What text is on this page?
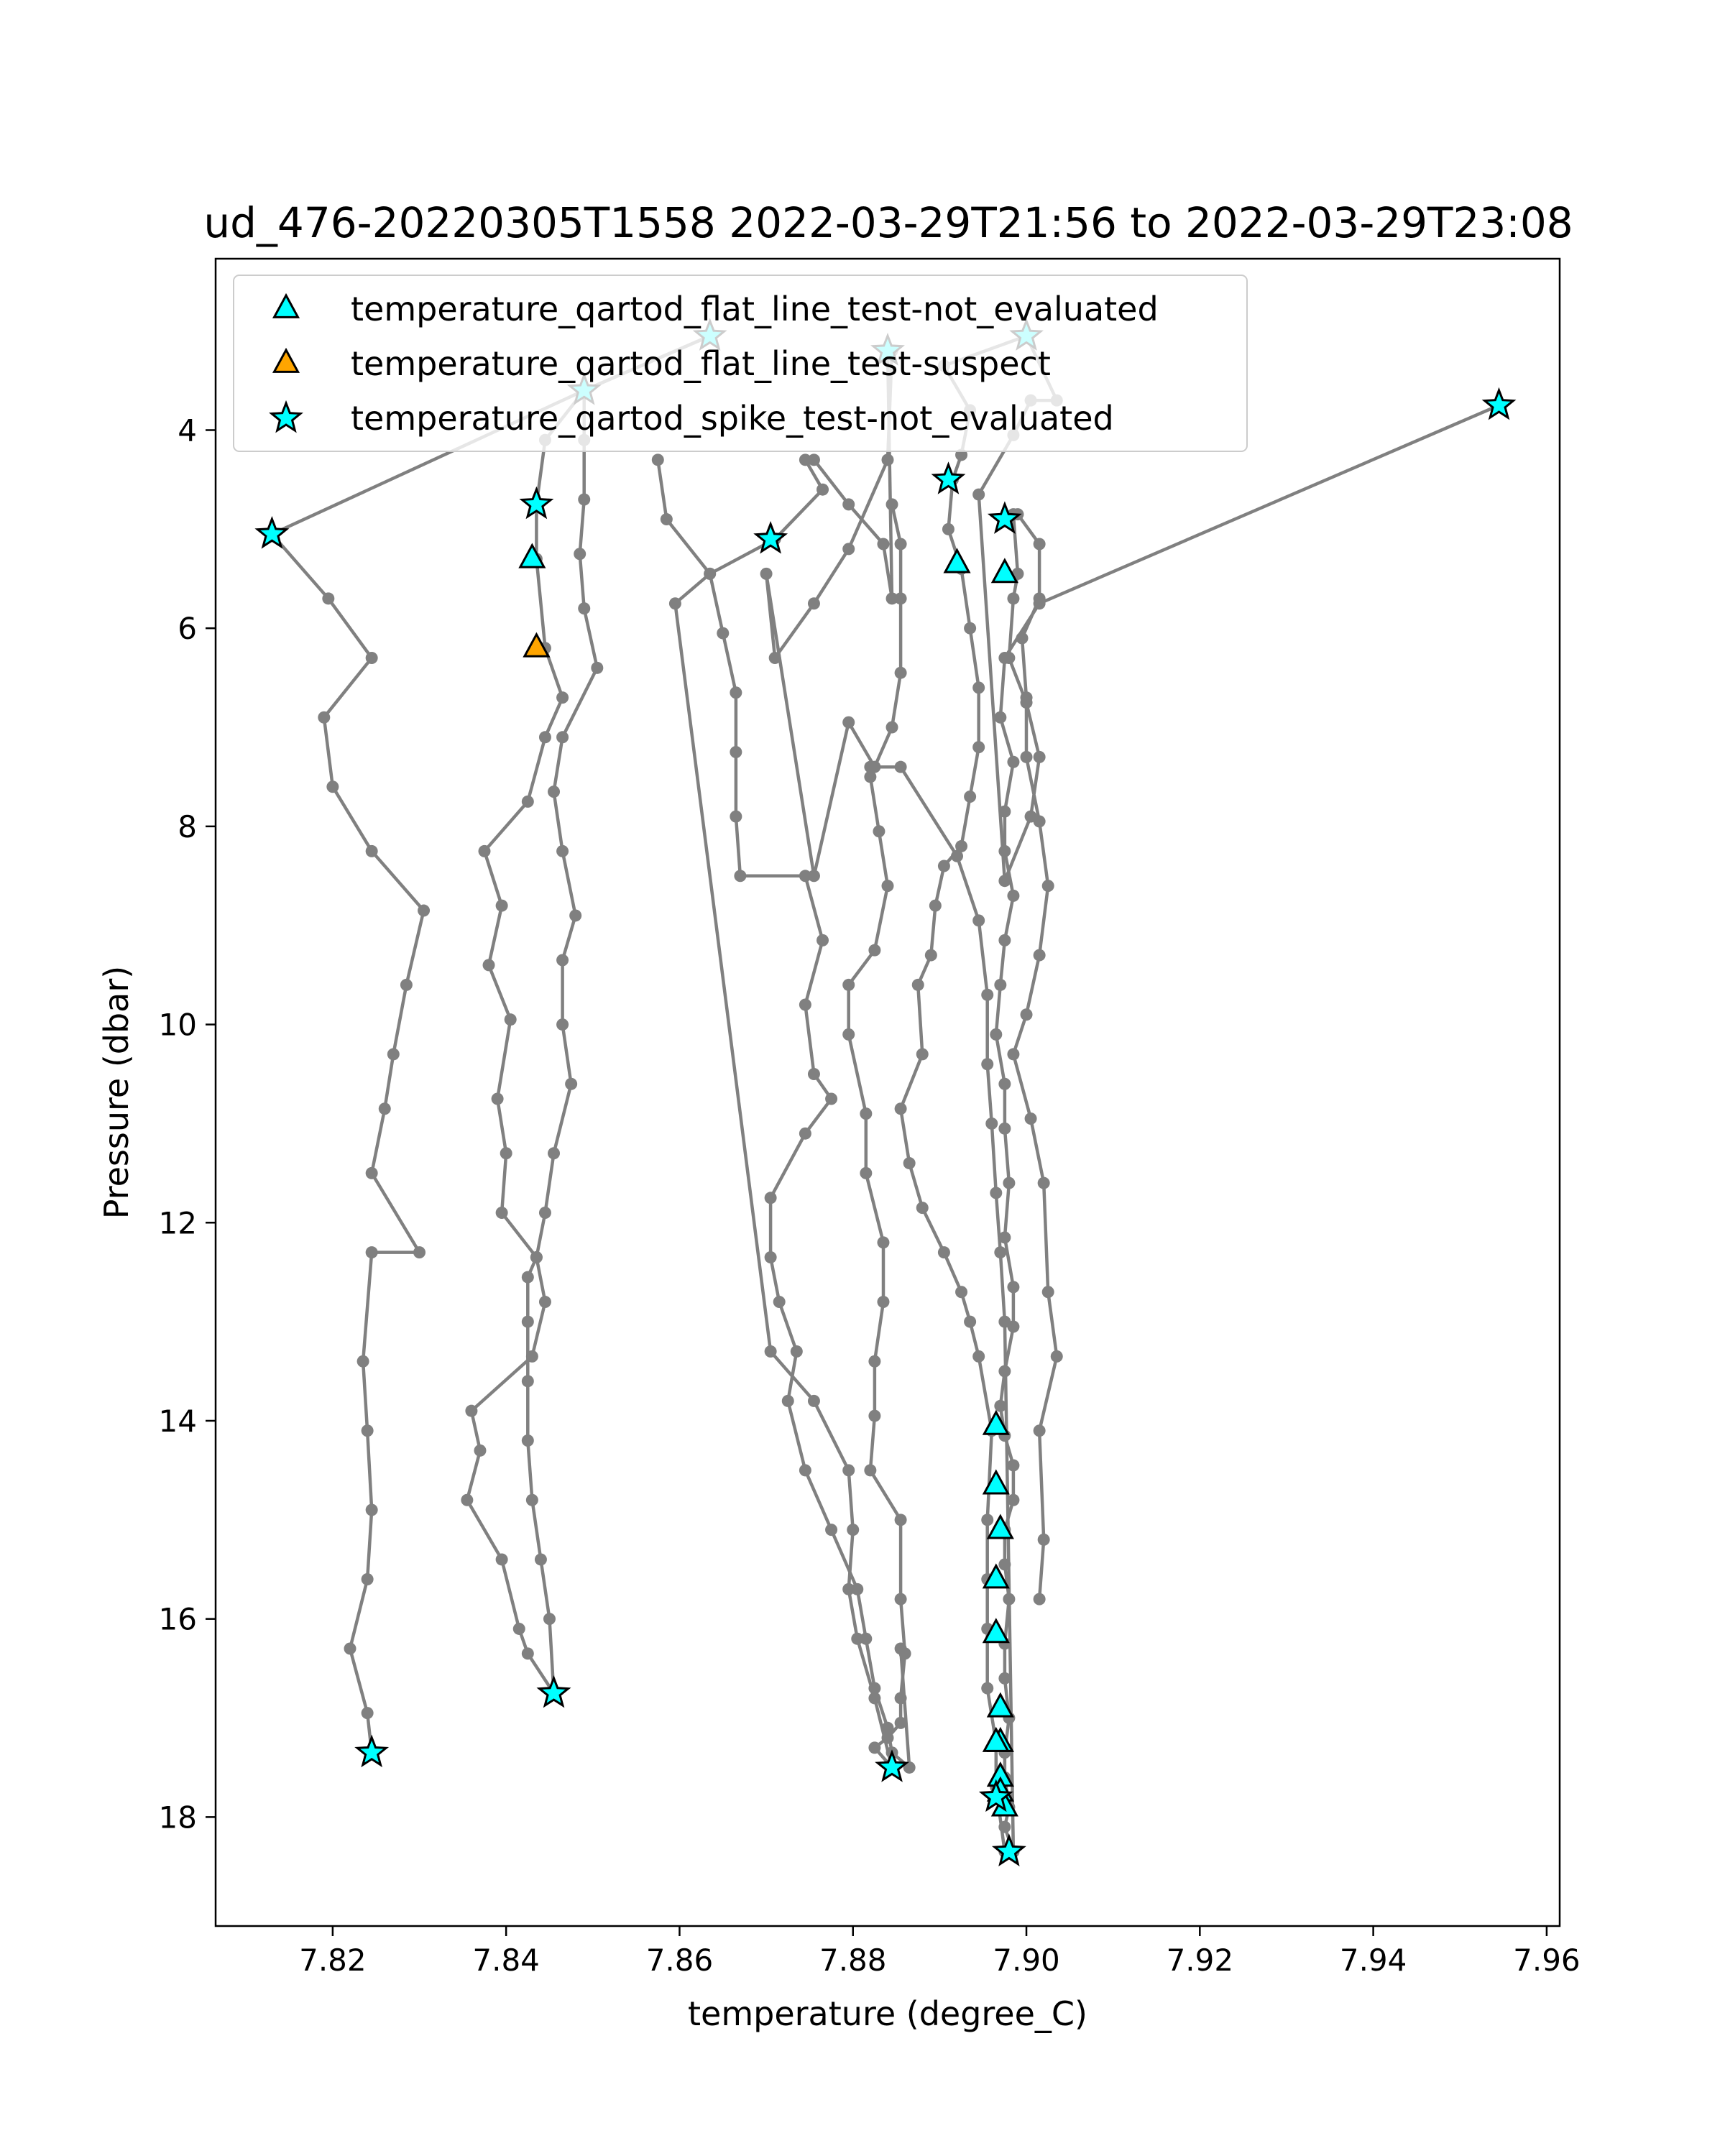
ud_476-20220305T1558 2022-03-29T21:56 to 2022-03-29T23:08
7.82	7.84	7.86	7.88	7.90	7.92	7.94	7.96
4
6
8
10
12
14
16
18
temperature (degree_C)
Pressure (dbar)
temperature_qartod_flat_line_test-not_evaluated
temperature_qartod_flat_line_test-suspect
temperature_qartod_spike_test-not_evaluated
